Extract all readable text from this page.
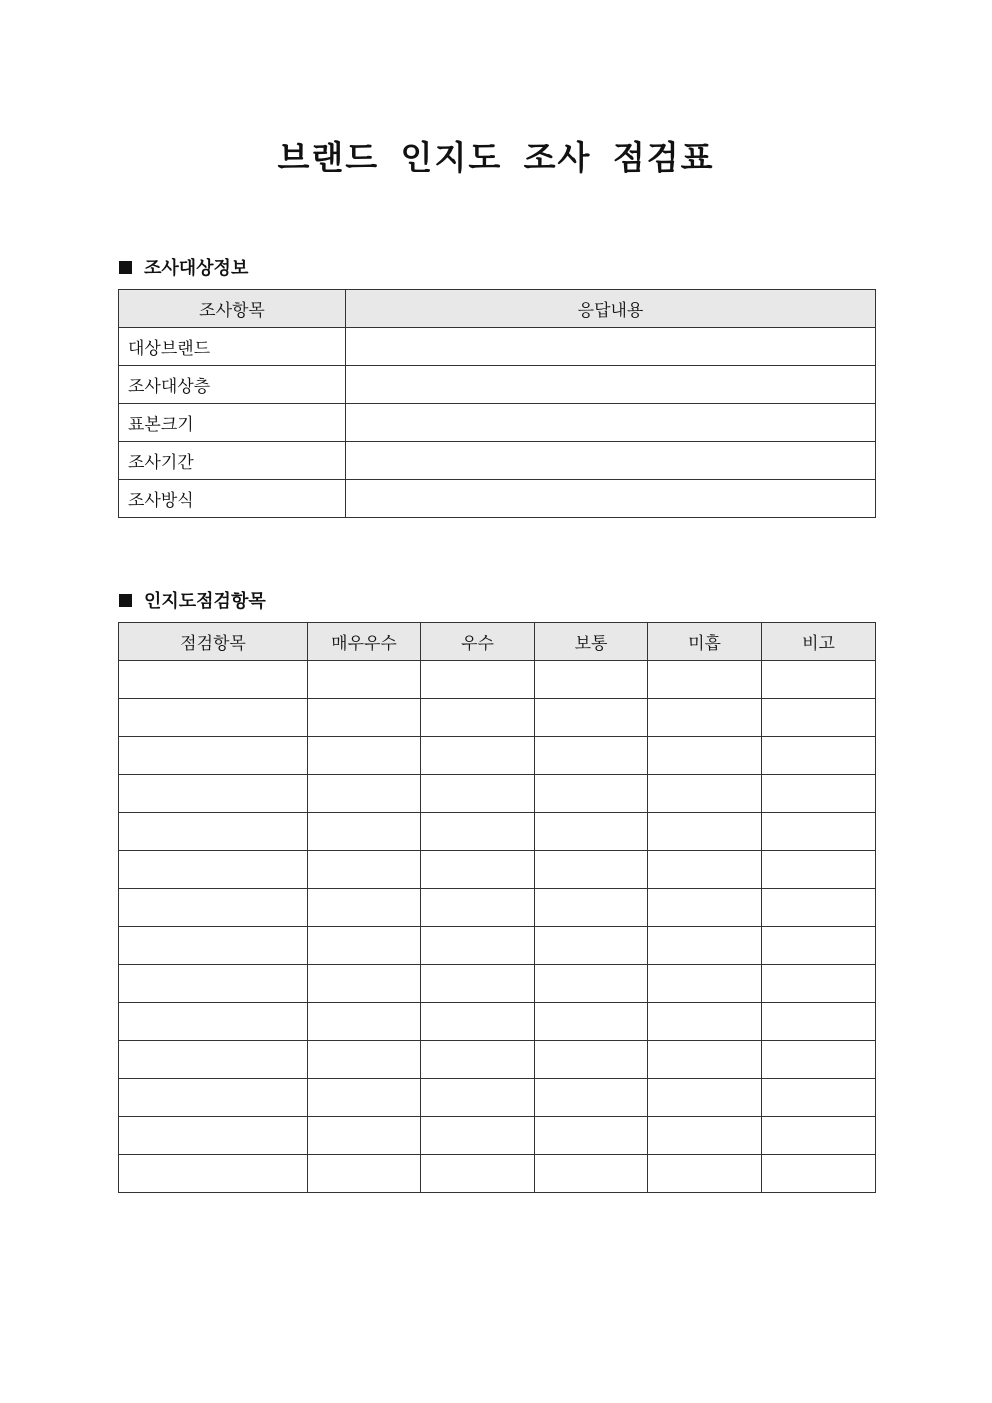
브랜드 인지도 조사 점검표
조사대상정보
조사항목	응답내용
대상브랜드	
조사대상층	
표본크기	
조사기간	
조사방식	
인지도점검항목
점검항목	매우우수	우수	보통	미흡	비고
